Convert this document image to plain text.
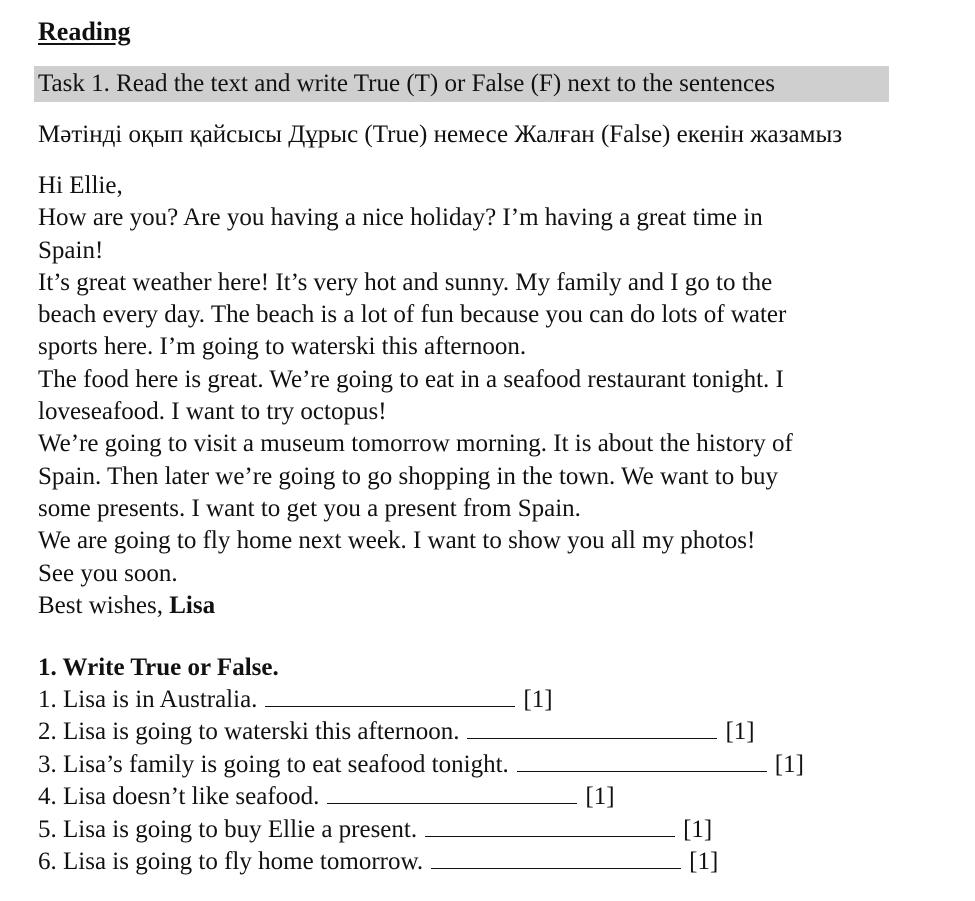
Reading
Task 1. Read the text and write True (T) or False (F) next to the sentences
Мәтінді оқып қайсысы Дұрыс (True) немесе Жалған (False) екенін жазамыз
Hi Ellie,
How are you? Are you having a nice holiday? I’m having a great time in
Spain!
It’s great weather here! It’s very hot and sunny. My family and I go to the
beach every day. The beach is a lot of fun because you can do lots of water
sports here. I’m going to waterski this afternoon.
The food here is great. We’re going to eat in a seafood restaurant tonight. I
loveseafood. I want to try octopus!
We’re going to visit a museum tomorrow morning. It is about the history of
Spain. Then later we’re going to go shopping in the town. We want to buy
some presents. I want to get you a present from Spain.
We are going to fly home next week. I want to show you all my photos!
See you soon.
Best wishes, Lisa
1. Write True or False.
1. Lisa is in Australia.	[1]
2. Lisa is going to waterski this afternoon.	[1]
3. Lisa’s family is going to eat seafood tonight.	[1]
4. Lisa doesn’t like seafood.	[1]
5. Lisa is going to buy Ellie a present.	[1]
6. Lisa is going to fly home tomorrow.	[1]
